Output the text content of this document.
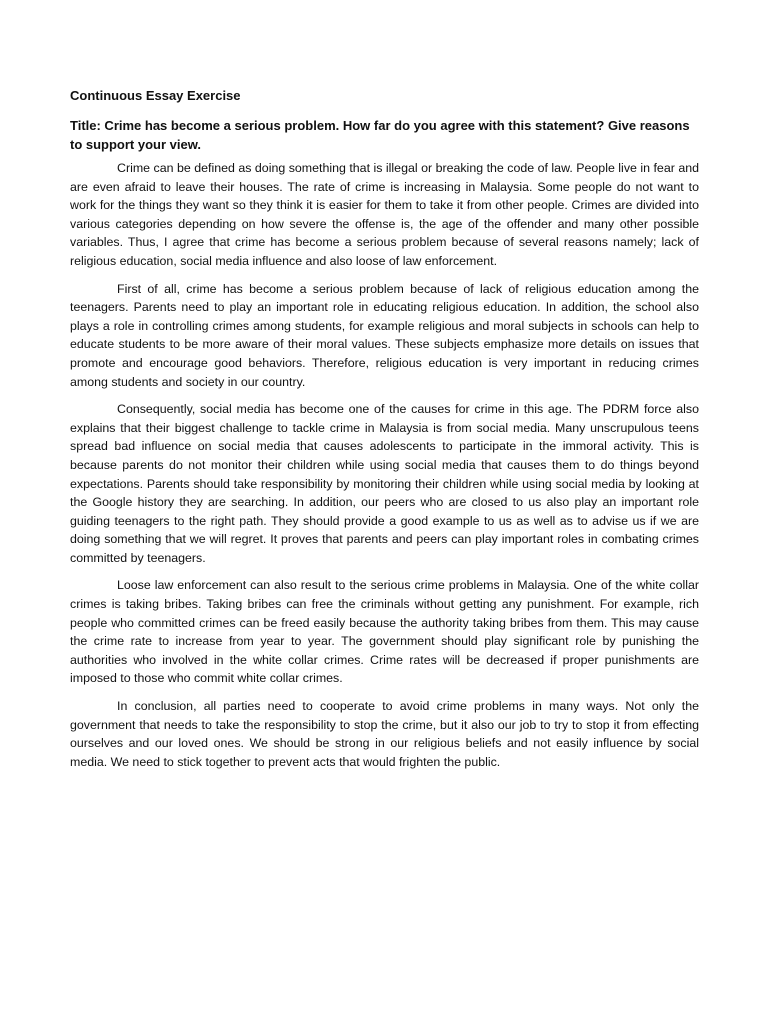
Continuous Essay Exercise
Title: Crime has become a serious problem. How far do you agree with this statement? Give reasons to support your view.

Crime can be defined as doing something that is illegal or breaking the code of law. People live in fear and are even afraid to leave their houses. The rate of crime is increasing in Malaysia. Some people do not want to work for the things they want so they think it is easier for them to take it from other people. Crimes are divided into various categories depending on how severe the offense is, the age of the offender and many other possible variables. Thus, I agree that crime has become a serious problem because of several reasons namely; lack of religious education, social media influence and also loose of law enforcement.

First of all, crime has become a serious problem because of lack of religious education among the teenagers. Parents need to play an important role in educating religious education. In addition, the school also plays a role in controlling crimes among students, for example religious and moral subjects in schools can help to educate students to be more aware of their moral values. These subjects emphasize more details on issues that promote and encourage good behaviors. Therefore, religious education is very important in reducing crimes among students and society in our country.

Consequently, social media has become one of the causes for crime in this age. The PDRM force also explains that their biggest challenge to tackle crime in Malaysia is from social media. Many unscrupulous teens spread bad influence on social media that causes adolescents to participate in the immoral activity. This is because parents do not monitor their children while using social media that causes them to do things beyond expectations. Parents should take responsibility by monitoring their children while using social media by looking at the Google history they are searching. In addition, our peers who are closed to us also play an important role guiding teenagers to the right path. They should provide a good example to us as well as to advise us if we are doing something that we will regret. It proves that parents and peers can play important roles in combating crimes committed by teenagers.

Loose law enforcement can also result to the serious crime problems in Malaysia. One of the white collar crimes is taking bribes. Taking bribes can free the criminals without getting any punishment. For example, rich people who committed crimes can be freed easily because the authority taking bribes from them. This may cause the crime rate to increase from year to year. The government should play significant role by punishing the authorities who involved in the white collar crimes. Crime rates will be decreased if proper punishments are imposed to those who commit white collar crimes.

In conclusion, all parties need to cooperate to avoid crime problems in many ways. Not only the government that needs to take the responsibility to stop the crime, but it also our job to try to stop it from effecting ourselves and our loved ones. We should be strong in our religious beliefs and not easily influence by social media. We need to stick together to prevent acts that would frighten the public.
